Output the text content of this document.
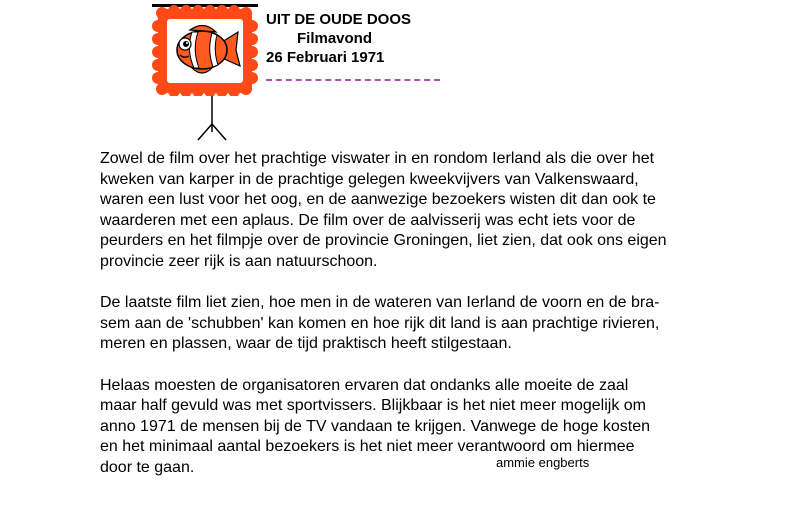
UIT DE OUDE DOOS
Filmavond
26 Februari 1971

Zowel de film over het prachtige viswater in en rondom Ierland als die over het
kweken van karper in de prachtige gelegen kweekvijvers van Valkenswaard,
waren een lust voor het oog, en de aanwezige bezoekers wisten dit dan ook te
waarderen met een aplaus. De film over de aalvisserij was echt iets voor de
peurders en het filmpje over de provincie Groningen, liet zien, dat ook ons eigen
provincie zeer rijk is aan natuurschoon.

De laatste film liet zien, hoe men in de wateren van Ierland de voorn en de bra-
sem aan de 'schubben' kan komen en hoe rijk dit land is aan prachtige rivieren,
meren en plassen, waar de tijd praktisch heeft stilgestaan.

Helaas moesten de organisatoren ervaren dat ondanks alle moeite de zaal
maar half gevuld was met sportvissers. Blijkbaar is het niet meer mogelijk om
anno 1971 de mensen bij de TV vandaan te krijgen. Vanwege de hoge kosten
en het minimaal aantal bezoekers is het niet meer verantwoord om hiermee
door te gaan.	ammie engberts
